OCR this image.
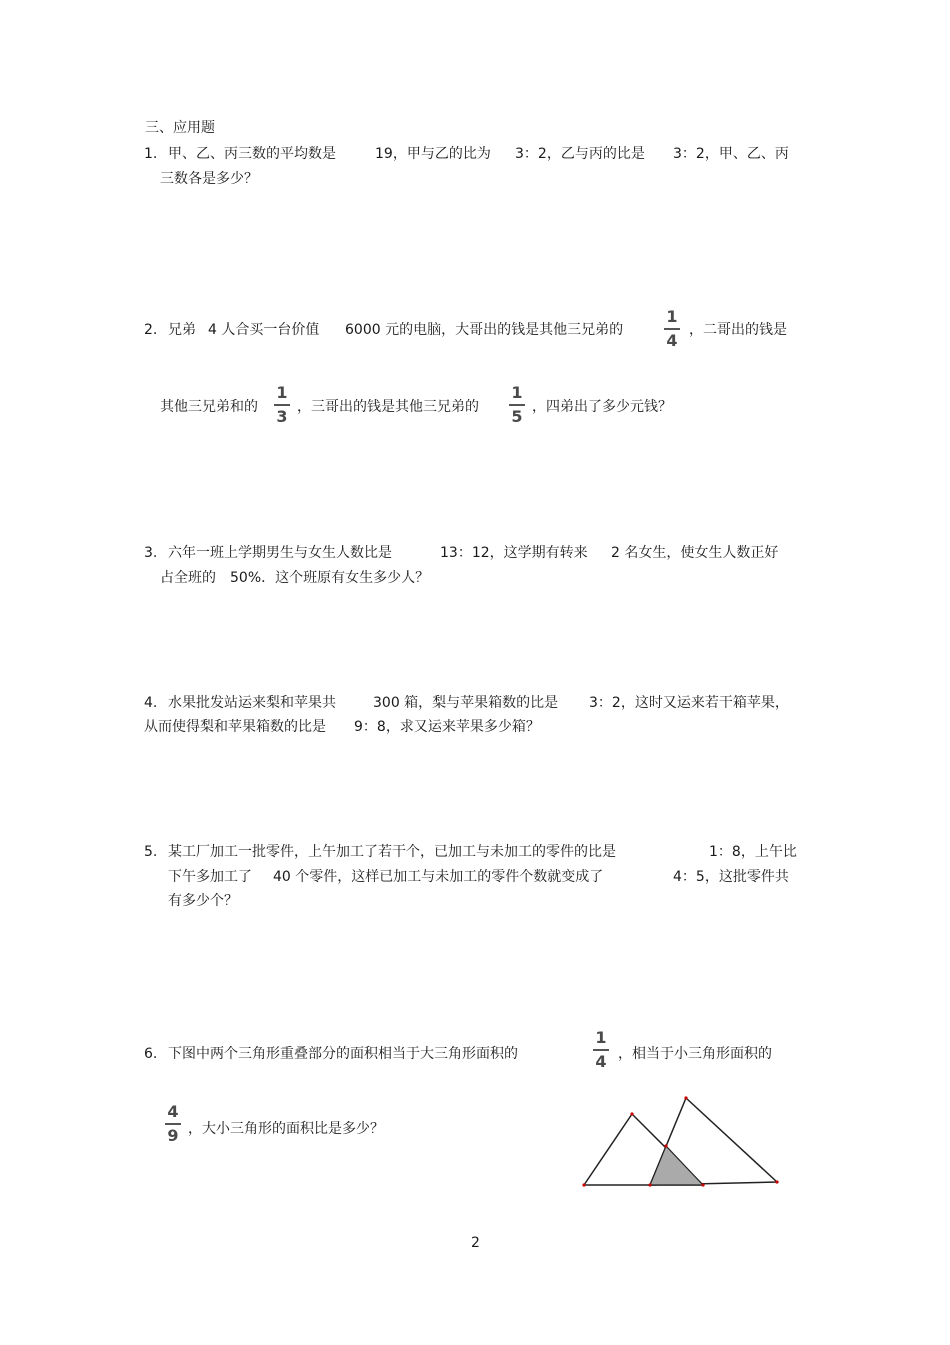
三、应用题
1. 甲、乙、丙三数的平均数是	19，甲与乙的比为 3：2，乙与丙的比是 3：2，甲、乙、丙
三数各是多少？
2. 兄弟 4 人合买一台价值 6000 元的电脑，大哥出的钱是其他三兄弟的
1
4
，二哥出的钱是
其他三兄弟和的
1
3 ，三哥出的钱是其他三兄弟的
1
5 ，四弟出了多少元钱？
3. 六年一班上学期男生与女生人数比是	13：12，这学期有转来 2 名女生，使女生人数正好
占全班的　50%．这个班原有女生多少人？
4. 水果批发站运来梨和苹果共	300 箱，梨与苹果箱数的比是 3：2，这时又运来若干箱苹果，
从而使得梨和苹果箱数的比是　　9：8，求又运来苹果多少箱？
5. 某工厂加工一批零件，上午加工了若干个，已加工与未加工的零件的比是	1：8，上午比
下午多加工了 40 个零件，这样已加工与未加工的零件个数就变成了	4：5，这批零件共
有多少个？
6. 下图中两个三角形重叠部分的面积相当于大三角形面积的
1
4 ，相当于小三角形面积的
4
9 ，大小三角形的面积比是多少？
2
